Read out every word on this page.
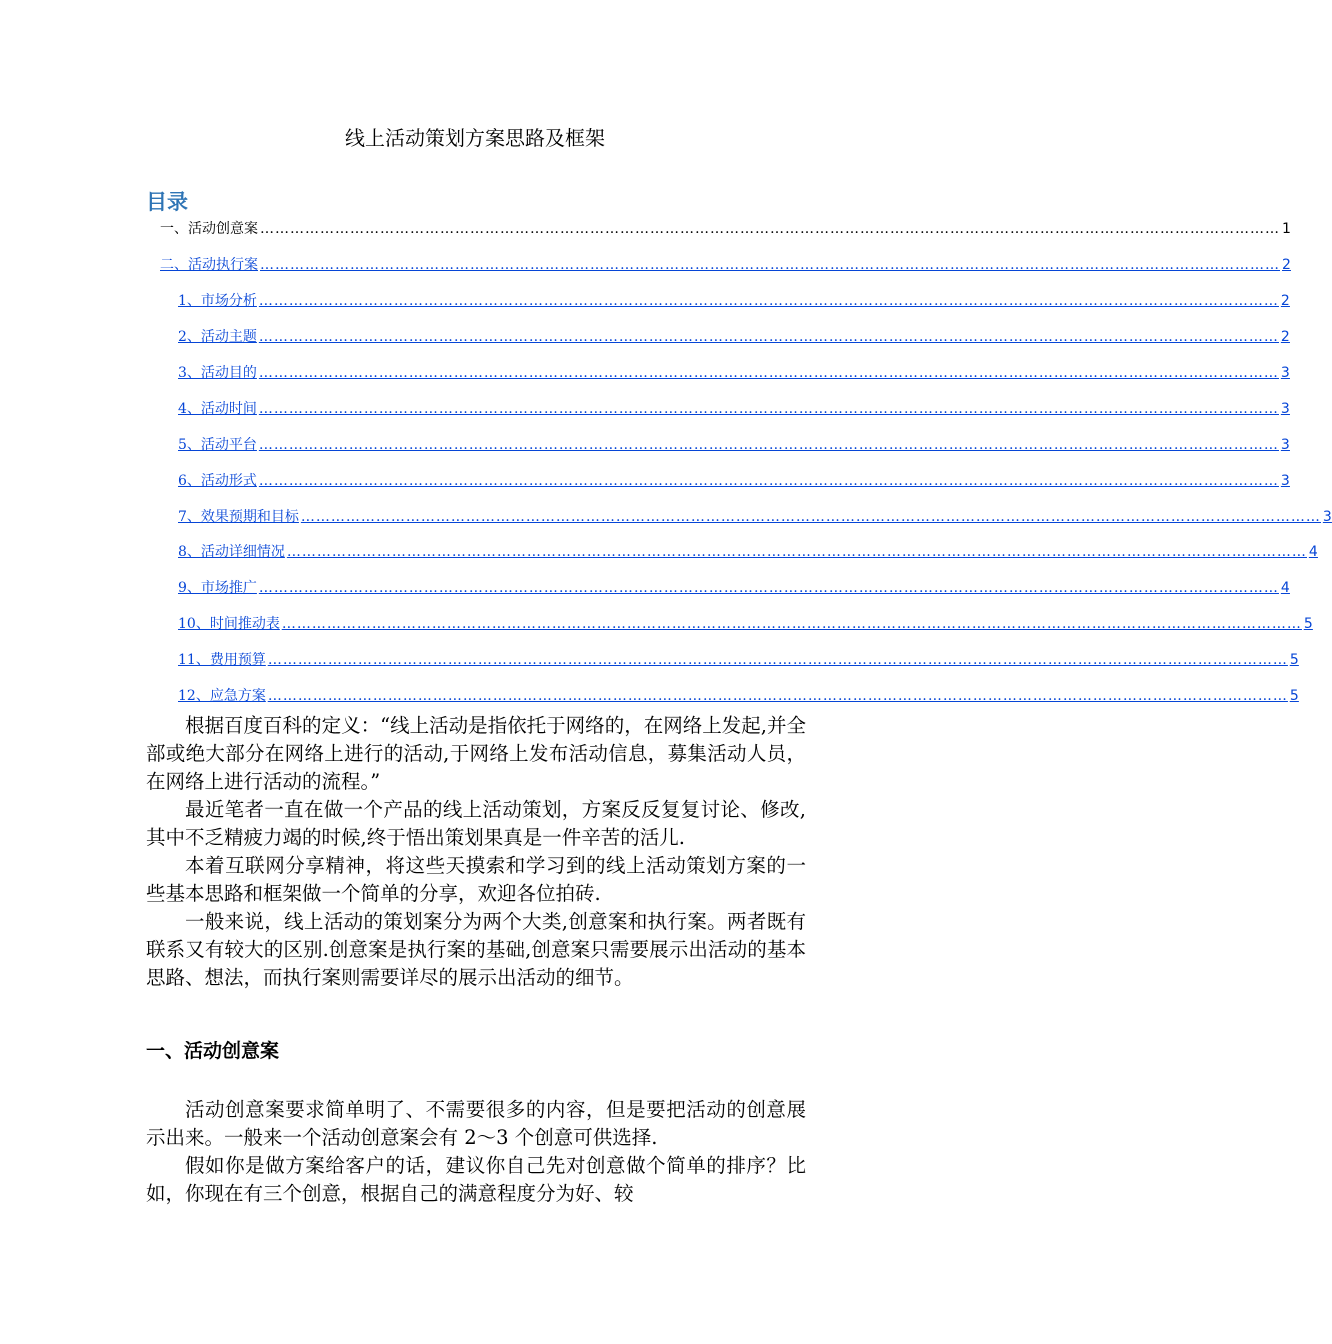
线上活动策划方案思路及框架
目录
一、活动创意案 …………………………………………………………………………………………………………………………………………………………………………………… 1
二、活动执行案 …………………………………………………………………………………………………………………………………………………………………………………… 2
1、市场分析 …………………………………………………………………………………………………………………………………………………………………………………… 2
2、活动主题 …………………………………………………………………………………………………………………………………………………………………………………… 2
3、活动目的 …………………………………………………………………………………………………………………………………………………………………………………… 3
4、活动时间 …………………………………………………………………………………………………………………………………………………………………………………… 3
5、活动平台 …………………………………………………………………………………………………………………………………………………………………………………… 3
6、活动形式 …………………………………………………………………………………………………………………………………………………………………………………… 3
7、效果预期和目标 …………………………………………………………………………………………………………………………………………………………………………………… 3
8、活动详细情况 …………………………………………………………………………………………………………………………………………………………………………………… 4
9、市场推广 …………………………………………………………………………………………………………………………………………………………………………………… 4
10、时间推动表 …………………………………………………………………………………………………………………………………………………………………………………… 5
11、费用预算 …………………………………………………………………………………………………………………………………………………………………………………… 5
12、应急方案 …………………………………………………………………………………………………………………………………………………………………………………… 5

根据百度百科的定义：“线上活动是指依托于网络的，在网络上发起,并全部或绝大部分在网络上进行的活动,于网络上发布活动信息，募集活动人员，在网络上进行活动的流程。”

最近笔者一直在做一个产品的线上活动策划，方案反反复复讨论、修改, 其中不乏精疲力竭的时候,终于悟出策划果真是一件辛苦的活儿.

本着互联网分享精神，将这些天摸索和学习到的线上活动策划方案的一些基本思路和框架做一个简单的分享，欢迎各位拍砖.

一般来说，线上活动的策划案分为两个大类,创意案和执行案。两者既有联系又有较大的区别.创意案是执行案的基础,创意案只需要展示出活动的基本思路、想法，而执行案则需要详尽的展示出活动的细节。

一、活动创意案

活动创意案要求简单明了、不需要很多的内容，但是要把活动的创意展示出来。一般来一个活动创意案会有 2～3 个创意可供选择.

假如你是做方案给客户的话，建议你自己先对创意做个简单的排序？比如，你现在有三个创意，根据自己的满意程度分为好、较
